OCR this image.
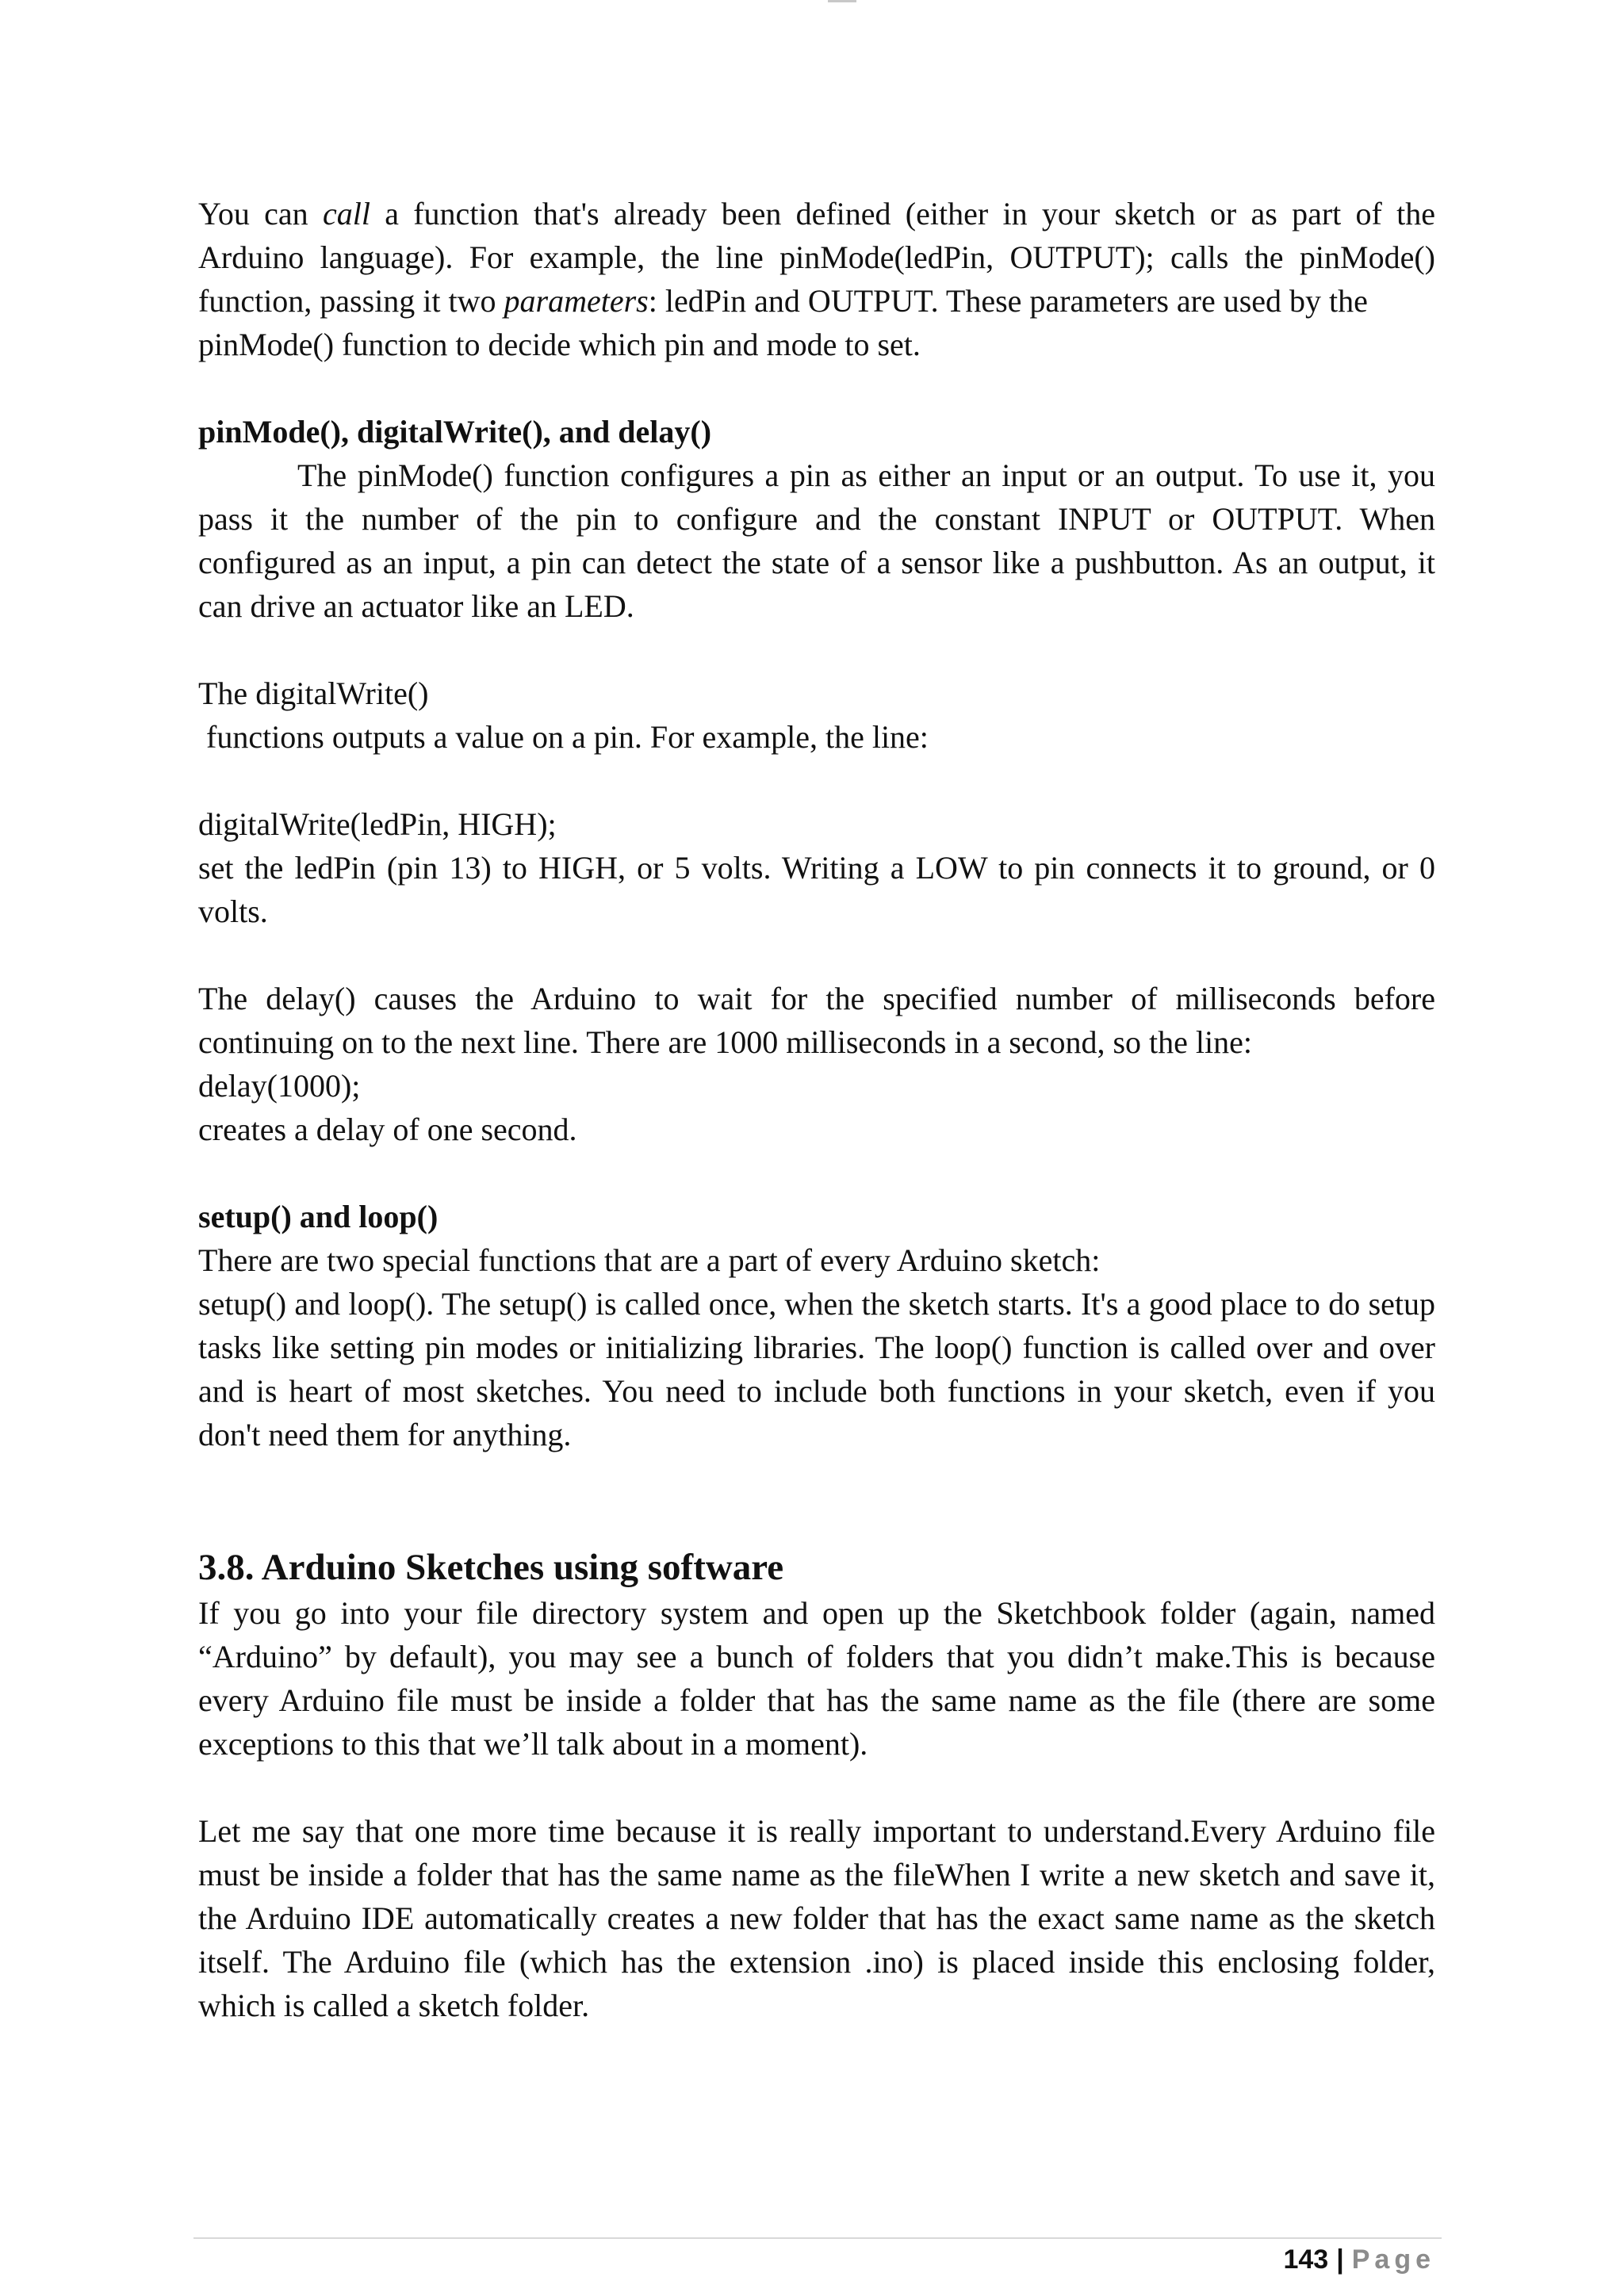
You can call a function that's already been defined (either in your sketch or as part of the Arduino language). For example, the line pinMode(ledPin, OUTPUT); calls the pinMode() function, passing it two parameters: ledPin and OUTPUT. These parameters are used by the

pinMode() function to decide which pin and mode to set.

pinMode(), digitalWrite(), and delay()

The pinMode() function configures a pin as either an input or an output. To use it, you pass it the number of the pin to configure and the constant INPUT or OUTPUT. When configured as an input, a pin can detect the state of a sensor like a pushbutton. As an output, it can drive an actuator like an LED.

The digitalWrite()

functions outputs a value on a pin. For example, the line:

digitalWrite(ledPin, HIGH);

set the ledPin (pin 13) to HIGH, or 5 volts. Writing a LOW to pin connects it to ground, or 0 volts.

The delay() causes the Arduino to wait for the specified number of milliseconds before continuing on to the next line. There are 1000 milliseconds in a second, so the line:

delay(1000);

creates a delay of one second.

setup() and loop()

There are two special functions that are a part of every Arduino sketch:

setup() and loop(). The setup() is called once, when the sketch starts. It's a good place to do setup tasks like setting pin modes or initializing libraries. The loop() function is called over and over and is heart of most sketches. You need to include both functions in your sketch, even if you don't need them for anything.

3.8. Arduino Sketches using software

If you go into your file directory system and open up the Sketchbook folder (again, named “Arduino” by default), you may see a bunch of folders that you didn’t make.This is because every Arduino file must be inside a folder that has the same name as the file (there are some exceptions to this that we’ll talk about in a moment).

Let me say that one more time because it is really important to understand.Every Arduino file must be inside a folder that has the same name as the fileWhen I write a new sketch and save it, the Arduino IDE automatically creates a new folder that has the exact same name as the sketch itself. The Arduino file (which has the extension .ino) is placed inside this enclosing folder, which is called a sketch folder.

143 | Page
